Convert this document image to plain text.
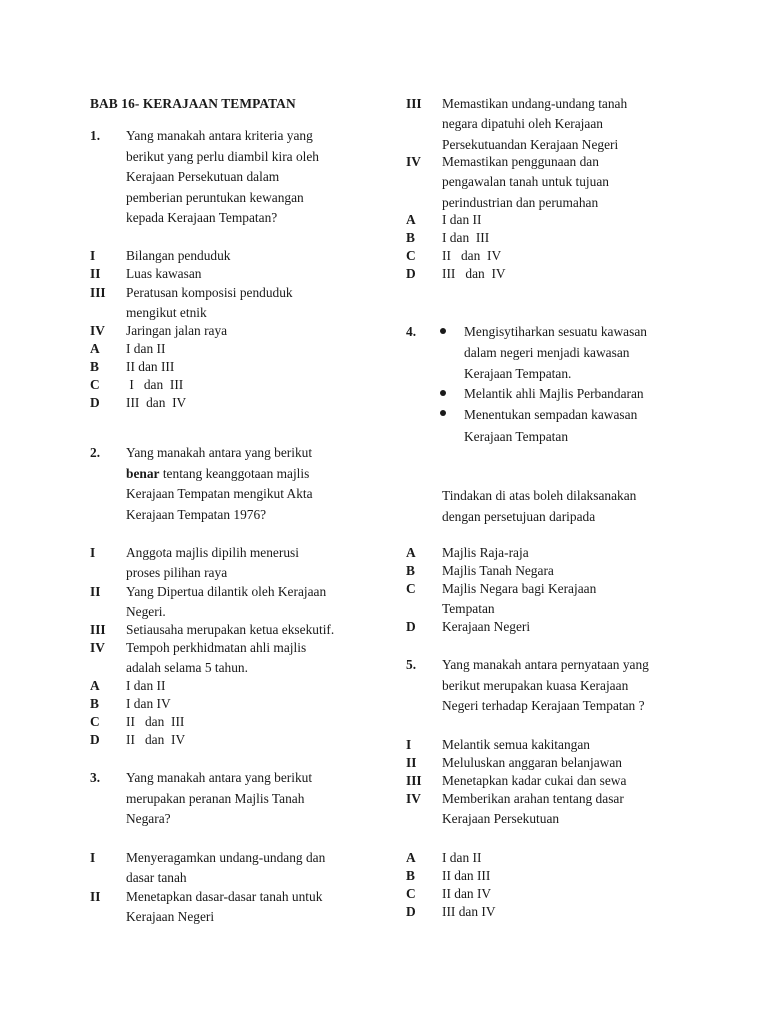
BAB 16- KERAJAAN TEMPATAN
1. Yang manakah antara kriteria yang
berikut yang perlu diambil kira oleh
Kerajaan Persekutuan dalam
pemberian peruntukan kewangan
kepada Kerajaan Tempatan?
I Bilangan penduduk
II Luas kawasan
III Peratusan komposisi penduduk
mengikut etnik
IV Jaringan jalan raya
A I dan II
B II dan III
C I   dan  III
D III  dan  IV
2. Yang manakah antara yang berikut
benar tentang keanggotaan majlis
Kerajaan Tempatan mengikut Akta
Kerajaan Tempatan 1976?
I Anggota majlis dipilih menerusi
proses pilihan raya
II Yang Dipertua dilantik oleh Kerajaan
Negeri.
III Setiausaha merupakan ketua eksekutif.
IV Tempoh perkhidmatan ahli majlis
adalah selama 5 tahun.
A I dan II
B I dan IV
C II   dan  III
D II   dan  IV
3. Yang manakah antara yang berikut
merupakan peranan Majlis Tanah
Negara?
I Menyeragamkan undang-undang dan
dasar tanah
II Menetapkan dasar-dasar tanah untuk
Kerajaan Negeri
III Memastikan undang-undang tanah
negara dipatuhi oleh Kerajaan
Persekutuandan Kerajaan Negeri
IV Memastikan penggunaan dan
pengawalan tanah untuk tujuan
perindustrian dan perumahan
A I dan II
B I dan  III
C II   dan  IV
D III   dan  IV
4.	Mengisytiharkan sesuatu kawasan
dalam negeri menjadi kawasan
Kerajaan Tempatan.
Melantik ahli Majlis Perbandaran
Menentukan sempadan kawasan
Kerajaan Tempatan
Tindakan di atas boleh dilaksanakan
dengan persetujuan daripada
A Majlis Raja-raja
B Majlis Tanah Negara
C Majlis Negara bagi Kerajaan
Tempatan
D Kerajaan Negeri
5. Yang manakah antara pernyataan yang
berikut merupakan kuasa Kerajaan
Negeri terhadap Kerajaan Tempatan ?
I Melantik semua kakitangan
II Meluluskan anggaran belanjawan
III Menetapkan kadar cukai dan sewa
IV Memberikan arahan tentang dasar
Kerajaan Persekutuan
A I dan II
B II dan III
C II dan IV
D III dan IV
